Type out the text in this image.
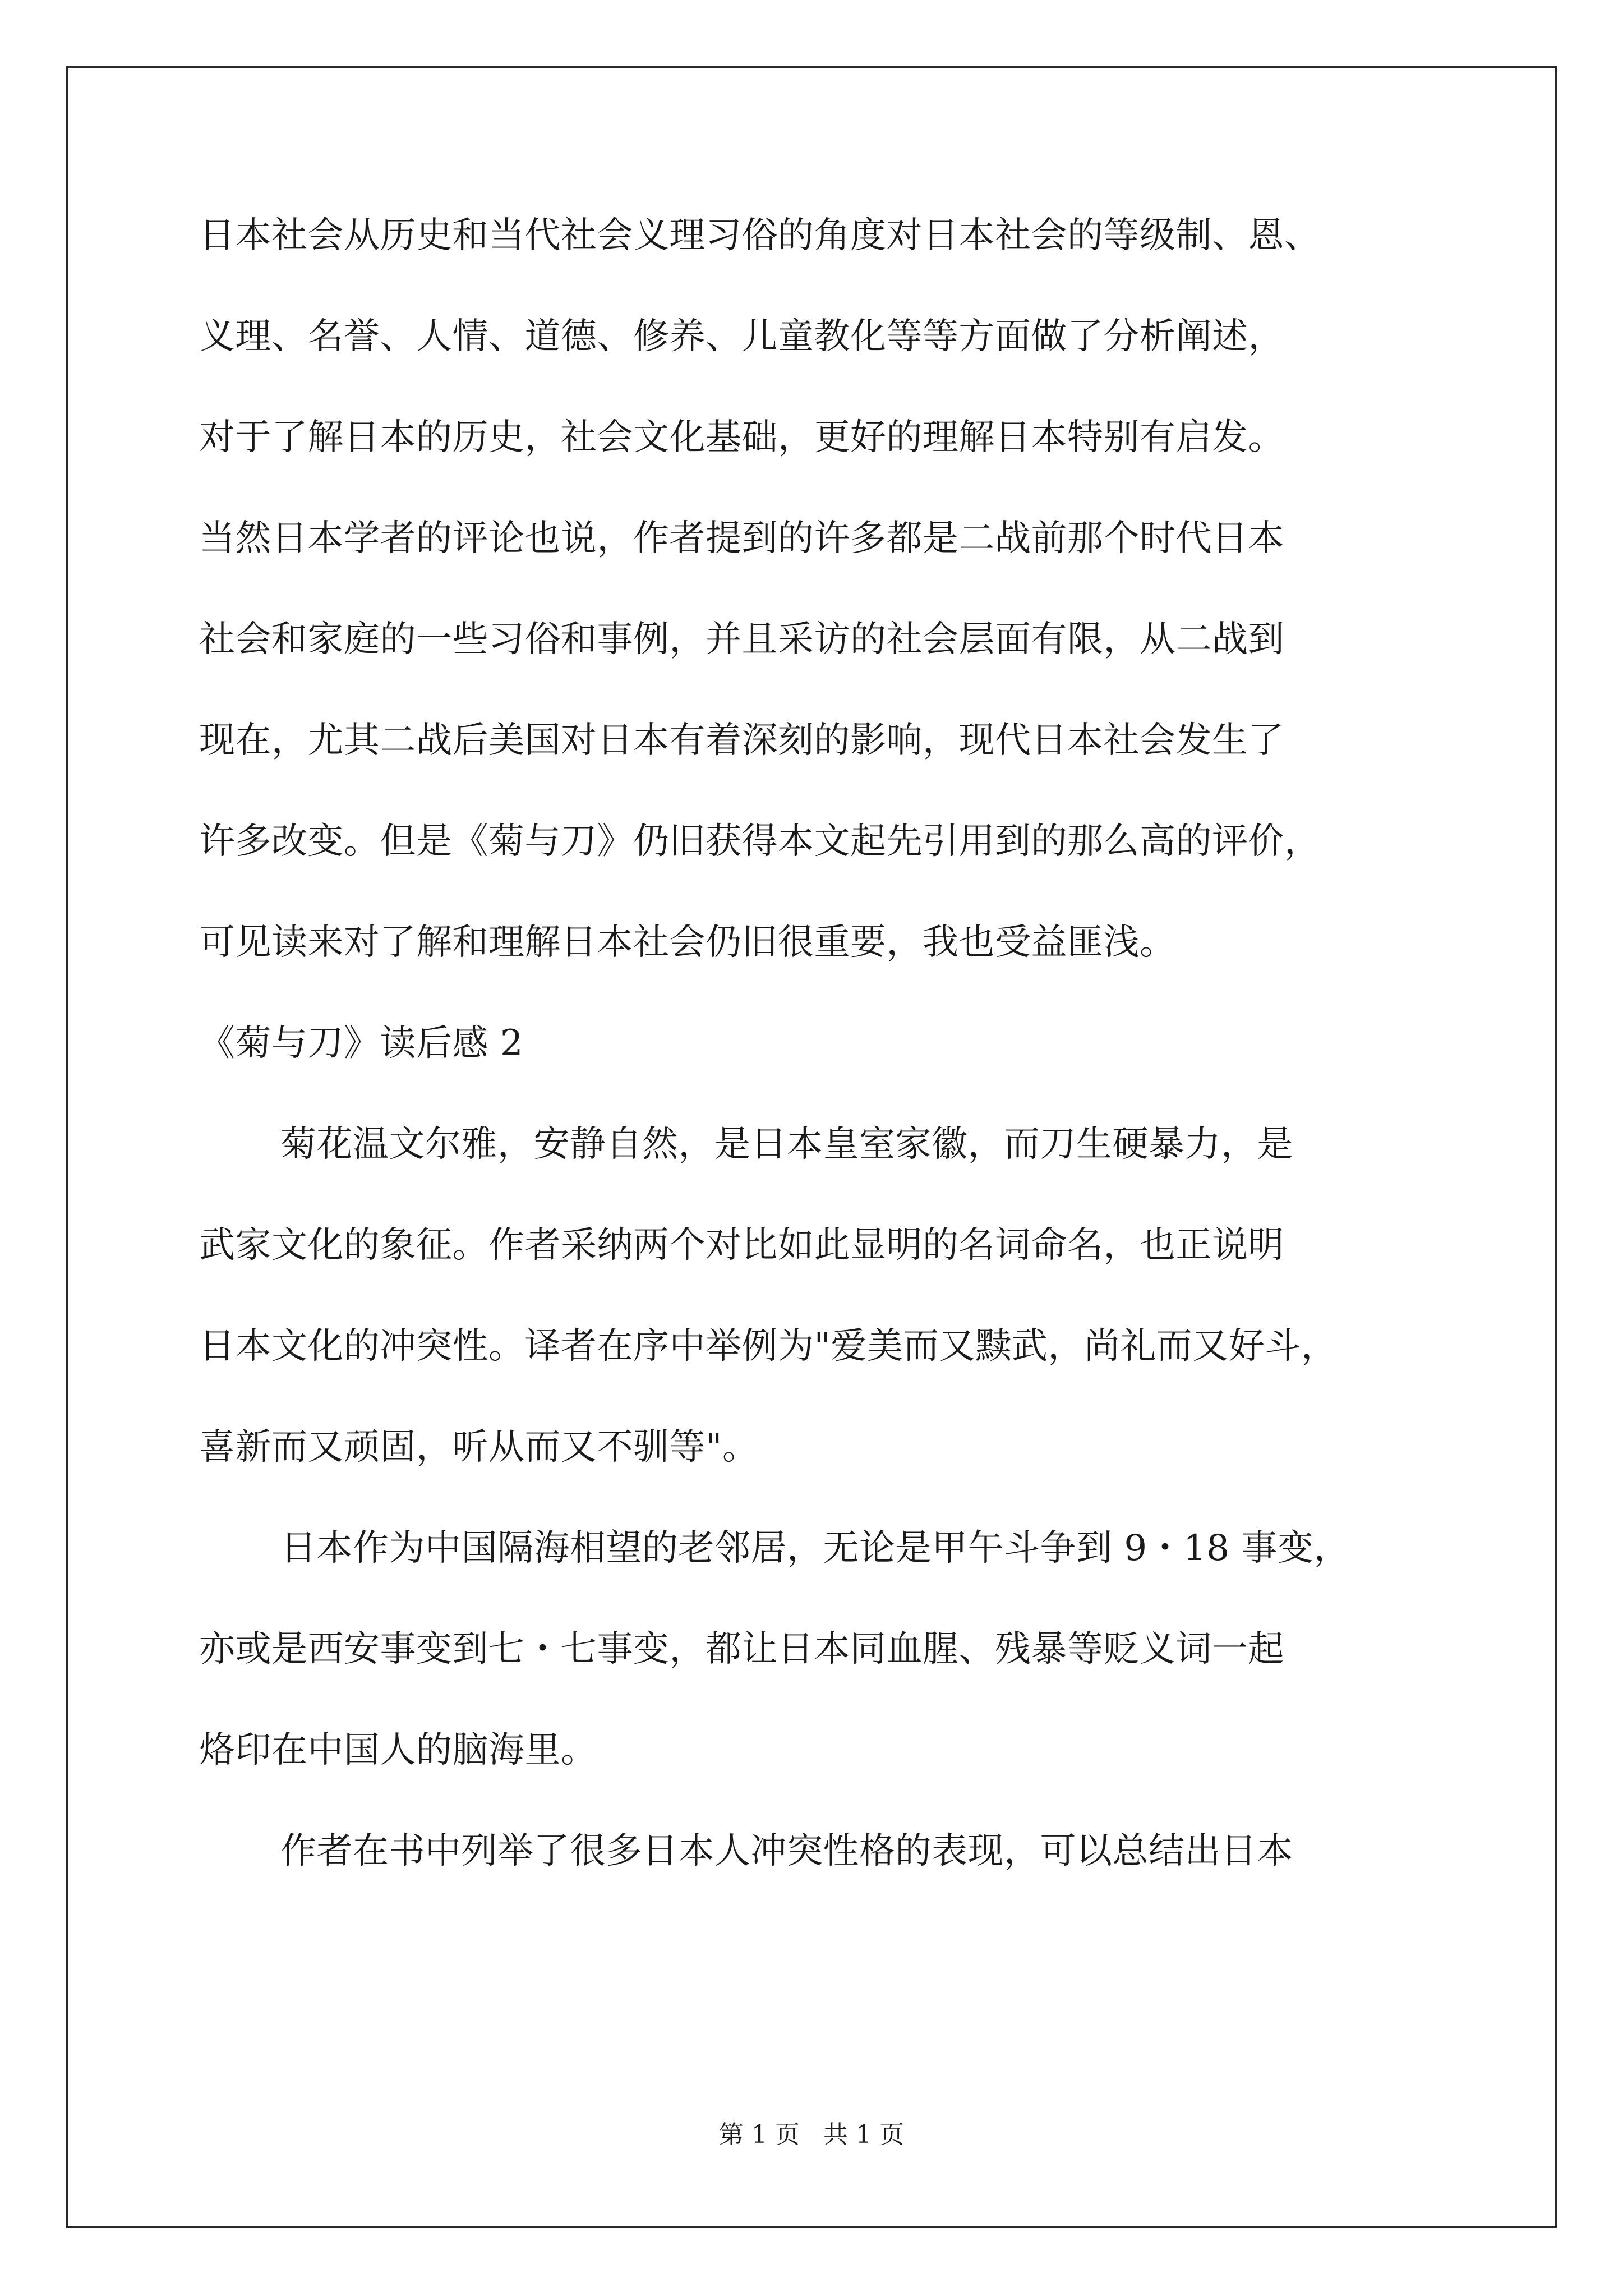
日本社会从历史和当代社会义理习俗的角度对日本社会的等级制、恩、

义理、名誉、人情、道德、修养、儿童教化等等方面做了分析阐述，

对于了解日本的历史，社会文化基础，更好的理解日本特别有启发。

当然日本学者的评论也说，作者提到的许多都是二战前那个时代日本

社会和家庭的一些习俗和事例，并且采访的社会层面有限，从二战到

现在，尤其二战后美国对日本有着深刻的影响，现代日本社会发生了

许多改变。但是《菊与刀》仍旧获得本文起先引用到的那么高的评价，

可见读来对了解和理解日本社会仍旧很重要，我也受益匪浅。

《菊与刀》读后感 2

菊花温文尔雅，安静自然，是日本皇室家徽，而刀生硬暴力，是

武家文化的象征。作者采纳两个对比如此显明的名词命名，也正说明

日本文化的冲突性。译者在序中举例为"爱美而又黩武，尚礼而又好斗，

喜新而又顽固，听从而又不驯等"。

日本作为中国隔海相望的老邻居，无论是甲午斗争到 9・18 事变，

亦或是西安事变到七・七事变，都让日本同血腥、残暴等贬义词一起

烙印在中国人的脑海里。

作者在书中列举了很多日本人冲突性格的表现，可以总结出日本

第 1 页   共 1 页
